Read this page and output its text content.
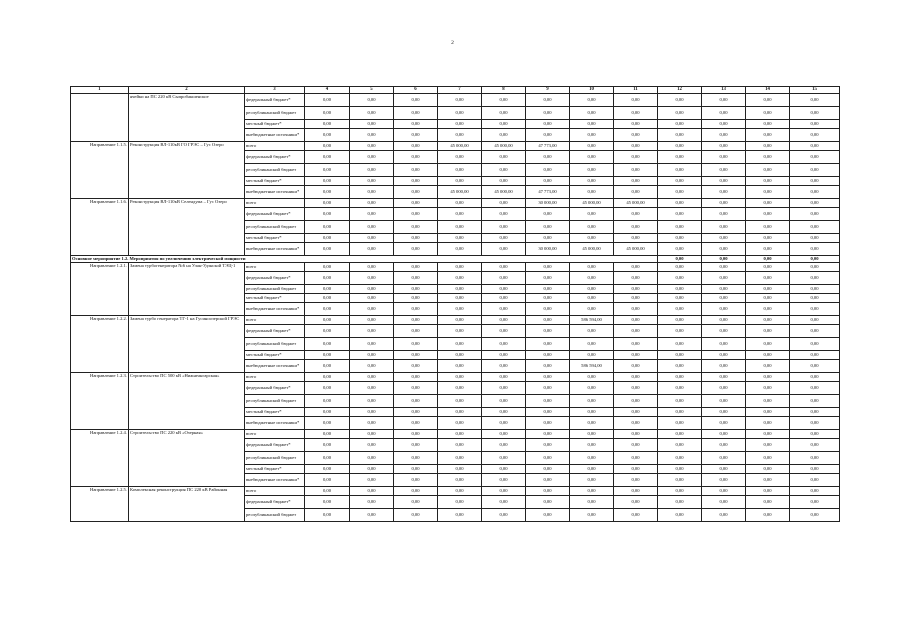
2
1	2	3	4	5	6	7	8	9	10	11	12	13	14	15
	ячейки на ПС 220 кВ Сыпробакшенское	федеральный бюджет*	0,00	0,00	0,00	0,00	0,00	0,00	0,00	0,00	0,00	0,00	0,00	0,00
		республиканский бюджет	0,00	0,00	0,00	0,00	0,00	0,00	0,00	0,00	0,00	0,00	0,00	0,00
		местный бюджет*	0,00	0,00	0,00	0,00	0,00	0,00	0,00	0,00	0,00	0,00	0,00	0,00
		внебюджетные источники*	0,00	0,00	0,00	0,00	0,00	0,00	0,00	0,00	0,00	0,00	0,00	0,00
Направление 1.1.5.	Реконструкция ВЛ-110кВ ГО ГРЭС – Гус Озеро	всего	0,00	0,00	0,00	45 000,00	45 000,00	47 773,00	0,00	0,00	0,00	0,00	0,00	0,00
		федеральный бюджет*	0,00	0,00	0,00	0,00	0,00	0,00	0,00	0,00	0,00	0,00	0,00	0,00
		республиканский бюджет	0,00	0,00	0,00	0,00	0,00	0,00	0,00	0,00	0,00	0,00	0,00	0,00
		местный бюджет*	0,00	0,00	0,00	0,00	0,00	0,00	0,00	0,00	0,00	0,00	0,00	0,00
		внебюджетные источники*	0,00	0,00	0,00	45 000,00	45 000,00	47 773,00	0,00	0,00	0,00	0,00	0,00	0,00
Направление 1.1.6.	Реконструкция ВЛ-110кВ Селендума – Гус Озеро	всего	0,00	0,00	0,00	0,00	0,00	30 000,00	45 000,00	45 000,00	0,00	0,00	0,00	0,00
		федеральный бюджет*	0,00	0,00	0,00	0,00	0,00	0,00	0,00	0,00	0,00	0,00	0,00	0,00
		республиканский бюджет	0,00	0,00	0,00	0,00	0,00	0,00	0,00	0,00	0,00	0,00	0,00	0,00
		местный бюджет*	0,00	0,00	0,00	0,00	0,00	0,00	0,00	0,00	0,00	0,00	0,00	0,00
		внебюджетные источники*	0,00	0,00	0,00	0,00	0,00	30 000,00	45 000,00	45 000,00	0,00	0,00	0,00	0,00
Основное мероприятие 1.2. Мероприятия по увеличению электрической мощности											0,00	0,00	0,00	0,00
Направление 1.2.1.	Замена турбогенератора №6 на Улан-Удэнской ТЭЦ-1	всего	0,00	0,00	0,00	0,00	0,00	0,00	0,00	0,00	0,00	0,00	0,00	0,00
		федеральный бюджет*	0,00	0,00	0,00	0,00	0,00	0,00	0,00	0,00	0,00	0,00	0,00	0,00
		республиканский бюджет	0,00	0,00	0,00	0,00	0,00	0,00	0,00	0,00	0,00	0,00	0,00	0,00
		местный бюджет*	0,00	0,00	0,00	0,00	0,00	0,00	0,00	0,00	0,00	0,00	0,00	0,00
		внебюджетные источники*	0,00	0,00	0,00	0,00	0,00	0,00	0,00	0,00	0,00	0,00	0,00	0,00
Направление 1.2.2.	Замена турбо генератора ТГ-1 на Гусиноозерской ГРЭС	всего	0,00	0,00	0,00	0,00	0,00	0,00	586 594,00	0,00	0,00	0,00	0,00	0,00
		федеральный бюджет*	0,00	0,00	0,00	0,00	0,00	0,00	0,00	0,00	0,00	0,00	0,00	0,00
		республиканский бюджет	0,00	0,00	0,00	0,00	0,00	0,00	0,00	0,00	0,00	0,00	0,00	0,00
		местный бюджет*	0,00	0,00	0,00	0,00	0,00	0,00	0,00	0,00	0,00	0,00	0,00	0,00
		внебюджетные источники*	0,00	0,00	0,00	0,00	0,00	0,00	586 594,00	0,00	0,00	0,00	0,00	0,00
Направление 1.2.3.	Строительство ПС 500 кВ «Нижнеангарская»	всего	0,00	0,00	0,00	0,00	0,00	0,00	0,00	0,00	0,00	0,00	0,00	0,00
		федеральный бюджет*	0,00	0,00	0,00	0,00	0,00	0,00	0,00	0,00	0,00	0,00	0,00	0,00
		республиканский бюджет	0,00	0,00	0,00	0,00	0,00	0,00	0,00	0,00	0,00	0,00	0,00	0,00
		местный бюджет*	0,00	0,00	0,00	0,00	0,00	0,00	0,00	0,00	0,00	0,00	0,00	0,00
		внебюджетные источники*	0,00	0,00	0,00	0,00	0,00	0,00	0,00	0,00	0,00	0,00	0,00	0,00
Направление 1.2.4.	Строительство ПС 220 кВ «Озерная»	всего	0,00	0,00	0,00	0,00	0,00	0,00	0,00	0,00	0,00	0,00	0,00	0,00
		федеральный бюджет*	0,00	0,00	0,00	0,00	0,00	0,00	0,00	0,00	0,00	0,00	0,00	0,00
		республиканский бюджет	0,00	0,00	0,00	0,00	0,00	0,00	0,00	0,00	0,00	0,00	0,00	0,00
		местный бюджет*	0,00	0,00	0,00	0,00	0,00	0,00	0,00	0,00	0,00	0,00	0,00	0,00
		внебюджетные источники*	0,00	0,00	0,00	0,00	0,00	0,00	0,00	0,00	0,00	0,00	0,00	0,00
Направление 1.2.5.	Комплексная реконструкция ПС 220 кВ Районная	всего	0,00	0,00	0,00	0,00	0,00	0,00	0,00	0,00	0,00	0,00	0,00	0,00
		федеральный бюджет*	0,00	0,00	0,00	0,00	0,00	0,00	0,00	0,00	0,00	0,00	0,00	0,00
		республиканский бюджет	0,00	0,00	0,00	0,00	0,00	0,00	0,00	0,00	0,00	0,00	0,00	0,00
